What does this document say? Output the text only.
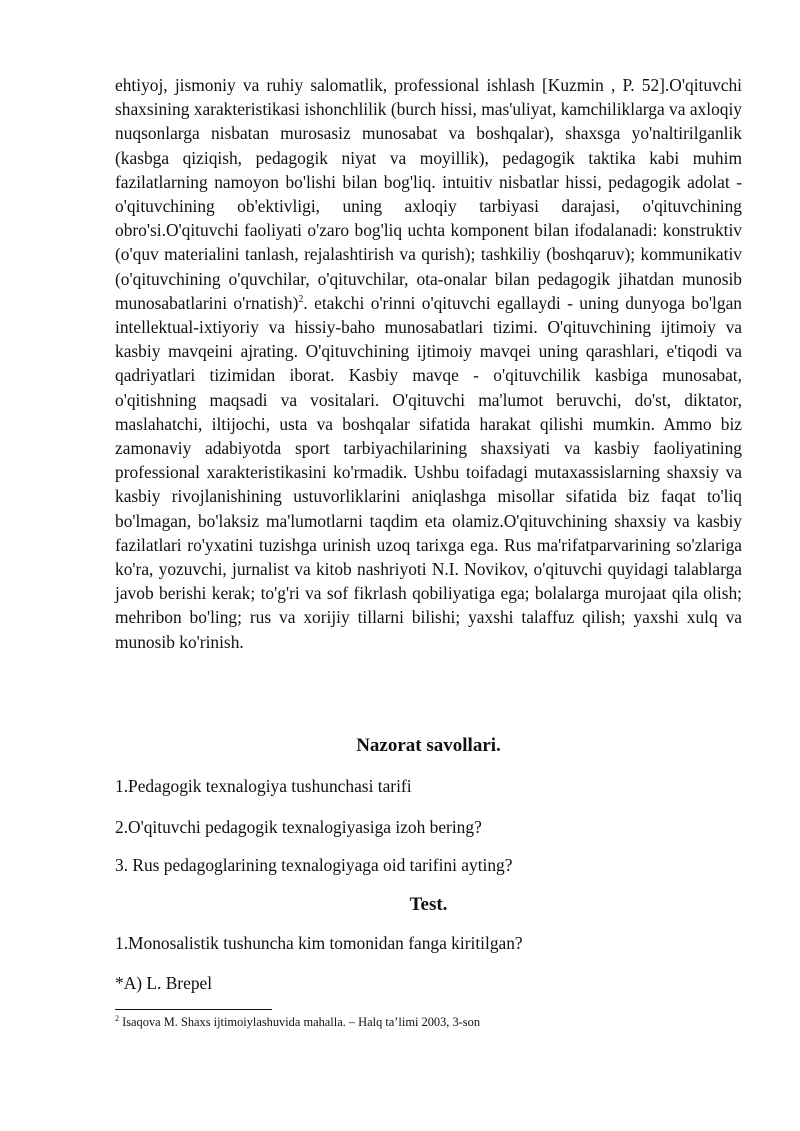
ehtiyoj, jismoniy va ruhiy salomatlik, professional ishlash [Kuzmin , P. 52].O'qituvchi shaxsining xarakteristikasi ishonchlilik (burch hissi, mas'uliyat, kamchiliklarga va axloqiy nuqsonlarga nisbatan murosasiz munosabat va boshqalar), shaxsga yo'naltirilganlik (kasbga qiziqish, pedagogik niyat va moyillik), pedagogik taktika kabi muhim fazilatlarning namoyon bo'lishi bilan bog'liq. intuitiv nisbatlar hissi, pedagogik adolat - o'qituvchining ob'ektivligi, uning axloqiy tarbiyasi darajasi, o'qituvchining obro'si.O'qituvchi faoliyati o'zaro bog'liq uchta komponent bilan ifodalanadi: konstruktiv (o'quv materialini tanlash, rejalashtirish va qurish); tashkiliy (boshqaruv); kommunikativ (o'qituvchining o'quvchilar, o'qituvchilar, ota-onalar bilan pedagogik jihatdan munosib munosabatlarini o'rnatish)$^2$. etakchi o'rinni o'qituvchi egallaydi - uning dunyoga bo'lgan intellektual-ixtiyoriy va hissiy-baho munosabatlari tizimi. O'qituvchining ijtimoiy va kasbiy mavqeini ajrating. O'qituvchining ijtimoiy mavqei uning qarashlari, e'tiqodi va qadriyatlari tizimidan iborat. Kasbiy mavqe - o'qituvchilik kasbiga munosabat, o'qitishning maqsadi va vositalari. O'qituvchi ma'lumot beruvchi, do'st, diktator, maslahatchi, iltijochi, usta va boshqalar sifatida harakat qilishi mumkin. Ammo biz zamonaviy adabiyotda sport tarbiyachilarining shaxsiyati va kasbiy faoliyatining professional xarakteristikasini ko'rmadik. Ushbu toifadagi mutaxassislarning shaxsiy va kasbiy rivojlanishining ustuvorliklarini aniqlashga misollar sifatida biz faqat to'liq bo'lmagan, bo'laksiz ma'lumotlarni taqdim eta olamiz.O'qituvchining shaxsiy va kasbiy fazilatlari ro'yxatini tuzishga urinish uzoq tarixga ega. Rus ma'rifatparvarining so'zlariga ko'ra, yozuvchi, jurnalist va kitob nashriyoti N.I. Novikov, o'qituvchi quyidagi talablarga javob berishi kerak; to'g'ri va sof fikrlash qobiliyatiga ega; bolalarga murojaat qila olish; mehribon bo'ling; rus va xorijiy tillarni bilishi; yaxshi talaffuz qilish; yaxshi xulq va munosib ko'rinish.

Nazorat savollari.

1.Pedagogik texnalogiya tushunchasi tarifi

2.O'qituvchi pedagogik texnalogiyasiga izoh bering?

3. Rus pedagoglarining texnalogiyaga oid tarifini ayting?

Test.

1.Monosalistik tushuncha kim tomonidan fanga kiritilgan?

*A) L. Brepel

$^2$ Isaqova M. Shaxs ijtimoiylashuvida mahalla. – Halq ta’limi 2003, 3-son
